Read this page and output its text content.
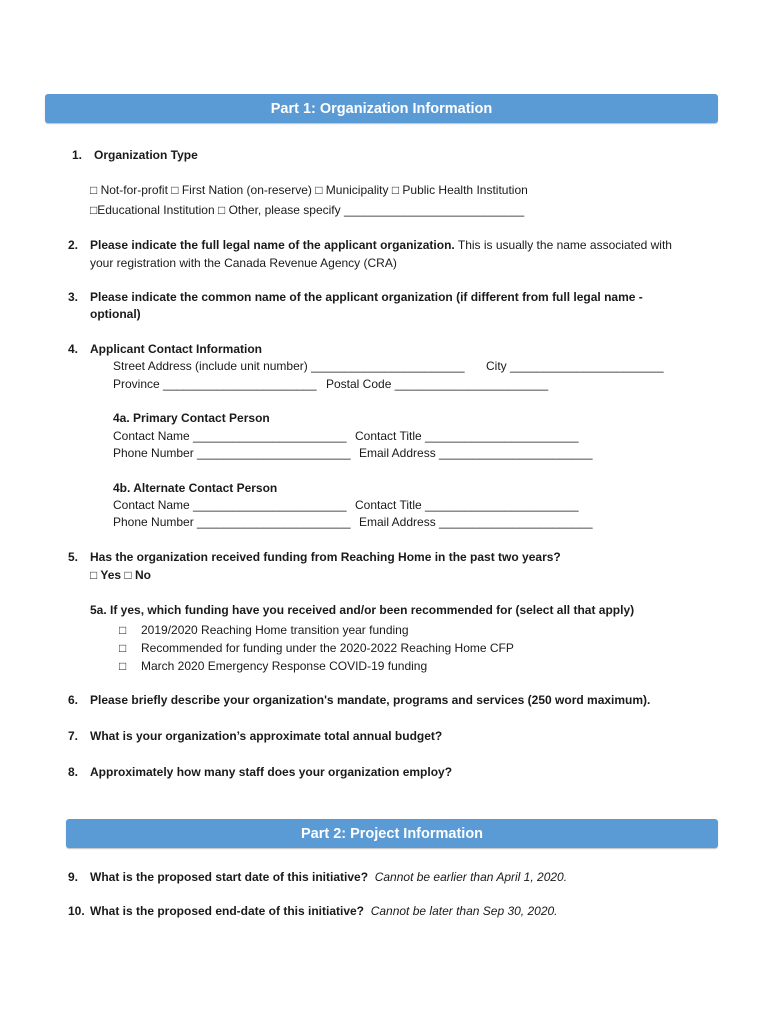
Part 1: Organization Information
1. Organization Type
□ Not-for-profit □ First Nation (on-reserve) □ Municipality □ Public Health Institution
□Educational Institution □ Other, please specify ___________________________
2. Please indicate the full legal name of the applicant organization. This is usually the name associated with
your registration with the Canada Revenue Agency (CRA)
3. Please indicate the common name of the applicant organization (if different from full legal name -
optional)
4. Applicant Contact Information
Street Address (include unit number) _______________________ City _______________________
Province _______________________ Postal Code _______________________
4a. Primary Contact Person
Contact Name _______________________ Contact Title _______________________
Phone Number _______________________ Email Address _______________________
4b. Alternate Contact Person
Contact Name _______________________ Contact Title _______________________
Phone Number _______________________ Email Address _______________________
5. Has the organization received funding from Reaching Home in the past two years?
□ Yes □ No
5a. If yes, which funding have you received and/or been recommended for (select all that apply)
□ 2019/2020 Reaching Home transition year funding
□ Recommended for funding under the 2020-2022 Reaching Home CFP
□ March 2020 Emergency Response COVID-19 funding
6. Please briefly describe your organization's mandate, programs and services (250 word maximum).
7. What is your organization’s approximate total annual budget?
8. Approximately how many staff does your organization employ?
Part 2: Project Information
9. What is the proposed start date of this initiative? Cannot be earlier than April 1, 2020.
10. What is the proposed end-date of this initiative? Cannot be later than Sep 30, 2020.
